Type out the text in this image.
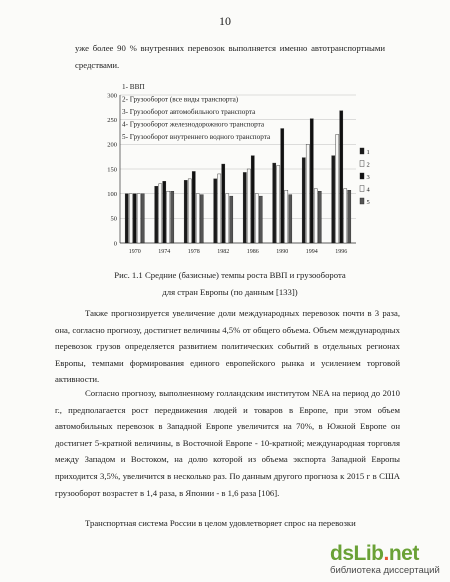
10

уже более 90 % внутренних перевозок выполняется именно автотранспортными средствами.

1- ВВП
2- Грузооборот (все виды транспорта)
3- Грузооборот автомобильного транспорта
4- Грузооборот железнодорожного транспорта
5- Грузооборот внутреннего водного транспорта
0
50
100
150
200
250
300
1970	1974	1978	1982	1986	1990	1994	1996
1
2
3
4
5
Рис. 1.1 Средние (базисные) темпы роста ВВП и грузооборота
для стран Европы (по данным [133])

Также прогнозируется увеличение доли международных перевозок почти в 3 раза, она, согласно прогнозу, достигнет величины 4,5% от общего объема. Объем международных перевозок грузов определяется развитием политических событий в отдельных регионах Европы, темпами формирования единого европейского рынка и усилением торговой активности.

Согласно прогнозу, выполненному голландским институтом NEA на период до 2010 г., предполагается рост передвижения людей и товаров в Европе, при этом объем автомобильных перевозок в Западной Европе увеличится на 70%, в Южной Европе он достигнет 5-кратной величины, в Восточной Европе - 10-кратной; международная торговля между Западом и Востоком, на долю которой из объема экспорта Западной Европы приходится 3,5%, увеличится в несколько раз. По данным другого прогноза к 2015 г в США грузооборот возрастет в 1,4 раза, в Японии - в 1,6 раза [106].

Транспортная система России в целом удовлетворяет спрос на перевозки

dsLib.net
библиотека диссертаций
